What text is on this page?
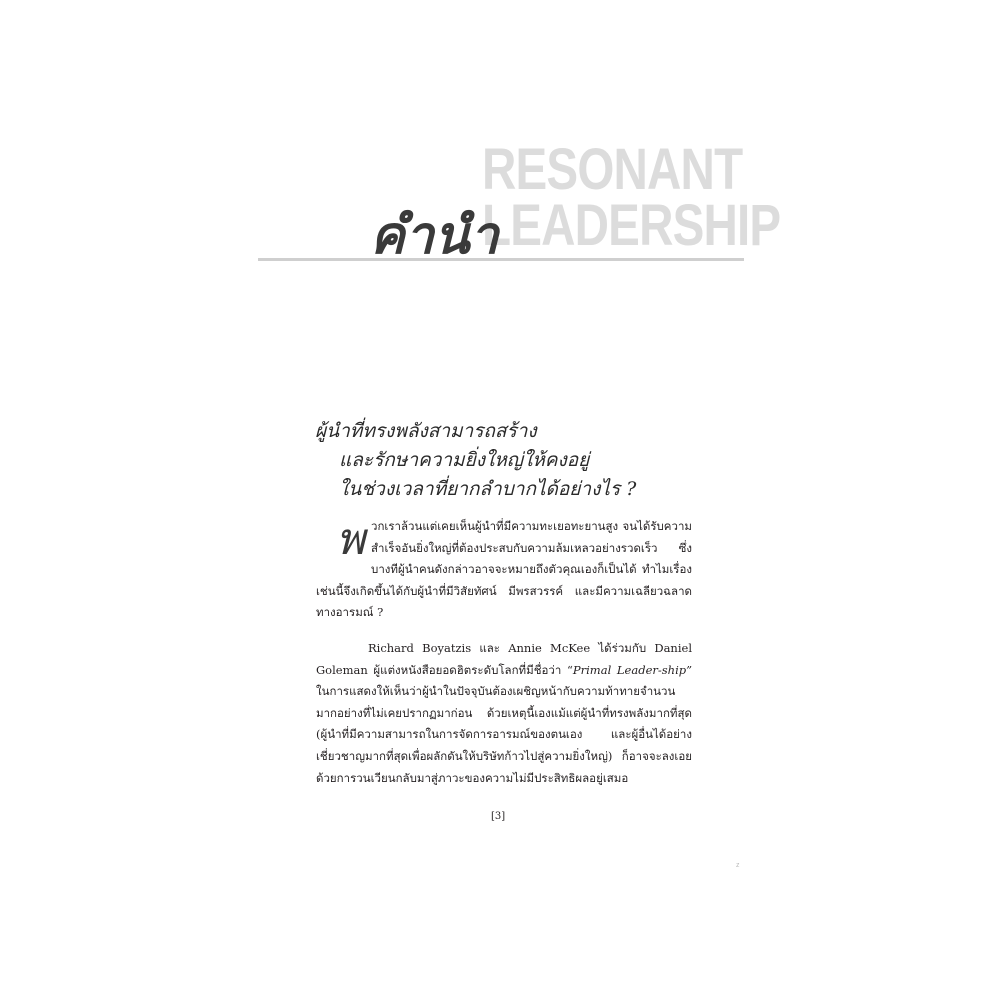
RESONANT
LEADERSHIP
คำนำ
ผู้นำที่ทรงพลังสามารถสร้าง
และรักษาความยิ่งใหญ่ให้คงอยู่
ในช่วงเวลาที่ยากลำบากได้อย่างไร ?

พวกเราล้วนแต่เคยเห็นผู้นำที่มีความทะเยอทะยานสูง จนได้รับความสำเร็จอันยิ่งใหญ่ที่ต้องประสบกับความล้มเหลวอย่างรวดเร็ว ซึ่งบางทีผู้นำคนดังกล่าวอาจจะหมายถึงตัวคุณเองก็เป็นได้ ทำไมเรื่องเช่นนี้จึงเกิดขึ้นได้กับผู้นำที่มีวิสัยทัศน์ มีพรสวรรค์ และมีความเฉลียวฉลาดทางอารมณ์ ?

Richard Boyatzis และ Annie McKee ได้ร่วมกับ Daniel Goleman ผู้แต่งหนังสือยอดฮิตระดับโลกที่มีชื่อว่า “Primal Leader-ship” ในการแสดงให้เห็นว่าผู้นำในปัจจุบันต้องเผชิญหน้ากับความท้าทายจำนวนมากอย่างที่ไม่เคยปรากฏมาก่อน ด้วยเหตุนี้เองแม้แต่ผู้นำที่ทรงพลังมากที่สุด (ผู้นำที่มีความสามารถในการจัดการอารมณ์ของตนเอง และผู้อื่นได้อย่างเชี่ยวชาญมากที่สุดเพื่อผลักดันให้บริษัทก้าวไปสู่ความยิ่งใหญ่) ก็อาจจะลงเอยด้วยการวนเวียนกลับมาสู่ภาวะของความไม่มีประสิทธิผลอยู่เสมอ

[3]
z
